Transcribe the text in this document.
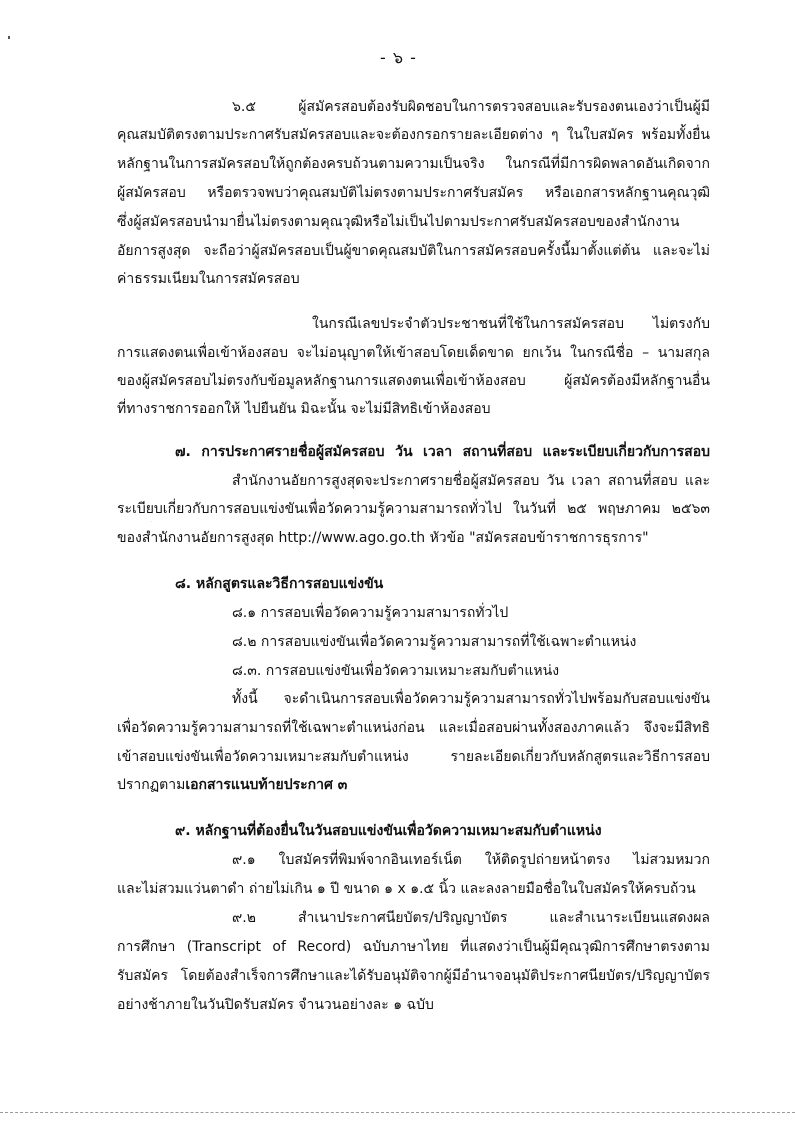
- ๖ -
๖.๕ ผู้สมัครสอบต้องรับผิดชอบในการตรวจสอบและรับรองตนเองว่าเป็นผู้มี
คุณสมบัติตรงตามประกาศรับสมัครสอบและจะต้องกรอกรายละเอียดต่าง ๆ ในใบสมัคร พร้อมทั้งยื่น
หลักฐานในการสมัครสอบให้ถูกต้องครบถ้วนตามความเป็นจริง ในกรณีที่มีการผิดพลาดอันเกิดจาก
ผู้สมัครสอบ หรือตรวจพบว่าคุณสมบัติไม่ตรงตามประกาศรับสมัคร หรือเอกสารหลักฐานคุณวุฒิ
ซึ่งผู้สมัครสอบนำมายื่นไม่ตรงตามคุณวุฒิหรือไม่เป็นไปตามประกาศรับสมัครสอบของสำนักงาน
อัยการสูงสุด จะถือว่าผู้สมัครสอบเป็นผู้ขาดคุณสมบัติในการสมัครสอบครั้งนี้มาตั้งแต่ต้น และจะไม่
ค่าธรรมเนียมในการสมัครสอบ
ในกรณีเลขประจำตัวประชาชนที่ใช้ในการสมัครสอบ ไม่ตรงกับ
การแสดงตนเพื่อเข้าห้องสอบ จะไม่อนุญาตให้เข้าสอบโดยเด็ดขาด ยกเว้น ในกรณีชื่อ – นามสกุล
ของผู้สมัครสอบไม่ตรงกับข้อมูลหลักฐานการแสดงตนเพื่อเข้าห้องสอบ ผู้สมัครต้องมีหลักฐานอื่น
ที่ทางราชการออกให้ ไปยืนยัน มิฉะนั้น จะไม่มีสิทธิเข้าห้องสอบ
๗. การประกาศรายชื่อผู้สมัครสอบ วัน เวลา สถานที่สอบ และระเบียบเกี่ยวกับการสอบ
สำนักงานอัยการสูงสุดจะประกาศรายชื่อผู้สมัครสอบ วัน เวลา สถานที่สอบ และ
ระเบียบเกี่ยวกับการสอบแข่งขันเพื่อวัดความรู้ความสามารถทั่วไป ในวันที่ ๒๕ พฤษภาคม ๒๕๖๓
ของสำนักงานอัยการสูงสุด http://www.ago.go.th หัวข้อ "สมัครสอบข้าราชการธุรการ"
๘. หลักสูตรและวิธีการสอบแข่งขัน
๘.๑ การสอบเพื่อวัดความรู้ความสามารถทั่วไป
๘.๒ การสอบแข่งขันเพื่อวัดความรู้ความสามารถที่ใช้เฉพาะตำแหน่ง
๘.๓. การสอบแข่งขันเพื่อวัดความเหมาะสมกับตำแหน่ง
ทั้งนี้ จะดำเนินการสอบเพื่อวัดความรู้ความสามารถทั่วไปพร้อมกับสอบแข่งขัน
เพื่อวัดความรู้ความสามารถที่ใช้เฉพาะตำแหน่งก่อน และเมื่อสอบผ่านทั้งสองภาคแล้ว จึงจะมีสิทธิ
เข้าสอบแข่งขันเพื่อวัดความเหมาะสมกับตำแหน่ง รายละเอียดเกี่ยวกับหลักสูตรและวิธีการสอบ
ปรากฏตามเอกสารแนบท้ายประกาศ ๓
๙. หลักฐานที่ต้องยื่นในวันสอบแข่งขันเพื่อวัดความเหมาะสมกับตำแหน่ง
๙.๑ ใบสมัครที่พิมพ์จากอินเทอร์เน็ต ให้ติดรูปถ่ายหน้าตรง ไม่สวมหมวก
และไม่สวมแว่นตาดำ ถ่ายไม่เกิน ๑ ปี ขนาด ๑ x ๑.๕ นิ้ว และลงลายมือชื่อในใบสมัครให้ครบถ้วน
๙.๒ สำเนาประกาศนียบัตร/ปริญญาบัตร และสำเนาระเบียนแสดงผล
การศึกษา (Transcript of Record) ฉบับภาษาไทย ที่แสดงว่าเป็นผู้มีคุณวุฒิการศึกษาตรงตาม
รับสมัคร โดยต้องสำเร็จการศึกษาและได้รับอนุมัติจากผู้มีอำนาจอนุมัติประกาศนียบัตร/ปริญญาบัตร
อย่างช้าภายในวันปิดรับสมัคร จำนวนอย่างละ ๑ ฉบับ
